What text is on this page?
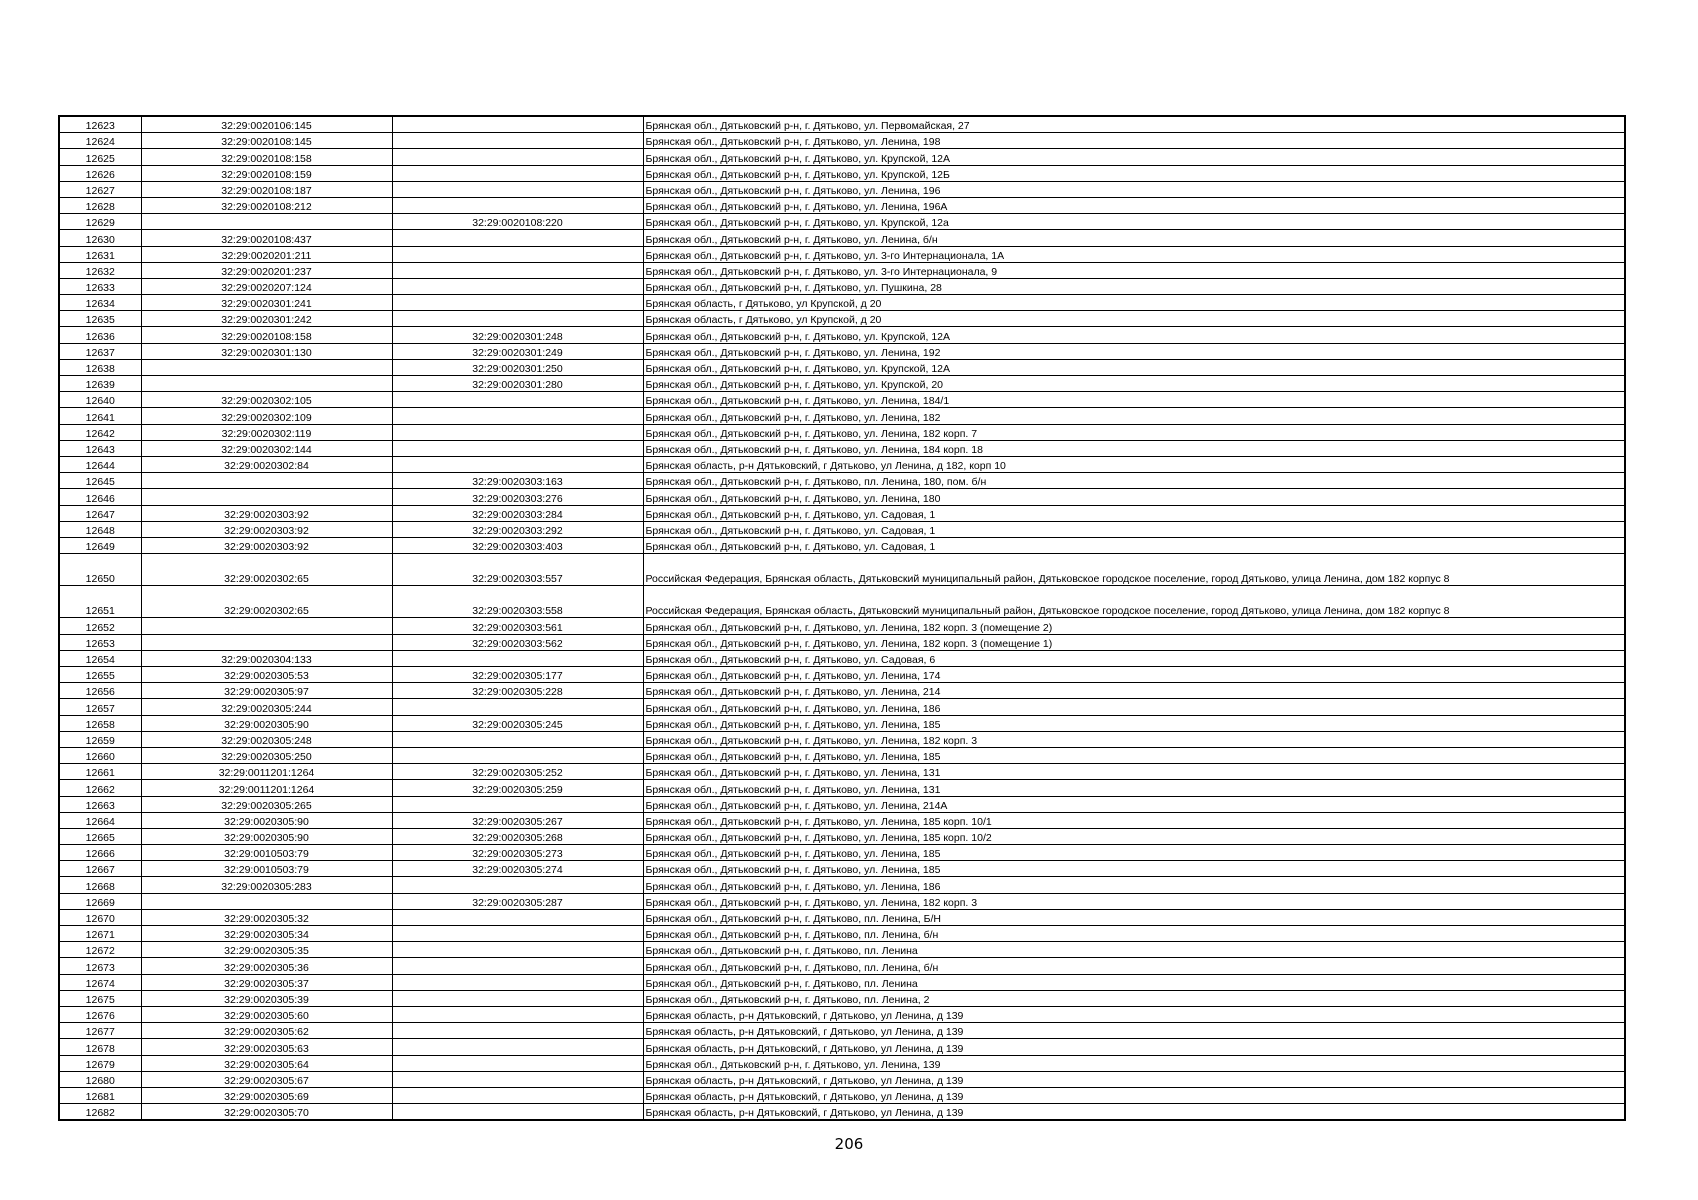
12623	32:29:0020106:145		Брянская обл., Дятьковский р-н, г. Дятьково, ул. Первомайская, 27
12624	32:29:0020108:145		Брянская обл., Дятьковский р-н, г. Дятьково, ул. Ленина, 198
12625	32:29:0020108:158		Брянская обл., Дятьковский р-н, г. Дятьково, ул. Крупской, 12А
12626	32:29:0020108:159		Брянская обл., Дятьковский р-н, г. Дятьково, ул. Крупской, 12Б
12627	32:29:0020108:187		Брянская обл., Дятьковский р-н, г. Дятьково, ул. Ленина, 196
12628	32:29:0020108:212		Брянская обл., Дятьковский р-н, г. Дятьково, ул. Ленина, 196А
12629		32:29:0020108:220	Брянская обл., Дятьковский р-н, г. Дятьково, ул. Крупской, 12а
12630	32:29:0020108:437		Брянская обл., Дятьковский р-н, г. Дятьково, ул. Ленина, б/н
12631	32:29:0020201:211		Брянская обл., Дятьковский р-н, г. Дятьково, ул. 3-го Интернационала, 1А
12632	32:29:0020201:237		Брянская обл., Дятьковский р-н, г. Дятьково, ул. 3-го Интернационала, 9
12633	32:29:0020207:124		Брянская обл., Дятьковский р-н, г. Дятьково, ул. Пушкина, 28
12634	32:29:0020301:241		Брянская область, г Дятьково, ул Крупской, д 20
12635	32:29:0020301:242		Брянская область, г Дятьково, ул Крупской, д 20
12636	32:29:0020108:158	32:29:0020301:248	Брянская обл., Дятьковский р-н, г. Дятьково, ул. Крупской, 12А
12637	32:29:0020301:130	32:29:0020301:249	Брянская обл., Дятьковский р-н, г. Дятьково, ул. Ленина, 192
12638		32:29:0020301:250	Брянская обл., Дятьковский р-н, г. Дятьково, ул. Крупской, 12А
12639		32:29:0020301:280	Брянская обл., Дятьковский р-н, г. Дятьково, ул. Крупской, 20
12640	32:29:0020302:105		Брянская обл., Дятьковский р-н, г. Дятьково, ул. Ленина, 184/1
12641	32:29:0020302:109		Брянская обл., Дятьковский р-н, г. Дятьково, ул. Ленина, 182
12642	32:29:0020302:119		Брянская обл., Дятьковский р-н, г. Дятьково, ул. Ленина, 182 корп. 7
12643	32:29:0020302:144		Брянская обл., Дятьковский р-н, г. Дятьково, ул. Ленина, 184 корп. 18
12644	32:29:0020302:84		Брянская область, р-н Дятьковский, г Дятьково, ул Ленина, д 182, корп 10
12645		32:29:0020303:163	Брянская обл., Дятьковский р-н, г. Дятьково, пл. Ленина, 180, пом. б/н
12646		32:29:0020303:276	Брянская обл., Дятьковский р-н, г. Дятьково, ул. Ленина, 180
12647	32:29:0020303:92	32:29:0020303:284	Брянская обл., Дятьковский р-н, г. Дятьково, ул. Садовая, 1
12648	32:29:0020303:92	32:29:0020303:292	Брянская обл., Дятьковский р-н, г. Дятьково, ул. Садовая, 1
12649	32:29:0020303:92	32:29:0020303:403	Брянская обл., Дятьковский р-н, г. Дятьково, ул. Садовая, 1
12650	32:29:0020302:65	32:29:0020303:557	Российская Федерация, Брянская область, Дятьковский муниципальный район, Дятьковское городское поселение, город Дятьково, улица Ленина, дом 182 корпус 8
12651	32:29:0020302:65	32:29:0020303:558	Российская Федерация, Брянская область, Дятьковский муниципальный район, Дятьковское городское поселение, город Дятьково, улица Ленина, дом 182 корпус 8
12652		32:29:0020303:561	Брянская обл., Дятьковский р-н, г. Дятьково, ул. Ленина, 182 корп. 3 (помещение 2)
12653		32:29:0020303:562	Брянская обл., Дятьковский р-н, г. Дятьково, ул. Ленина, 182 корп. 3 (помещение 1)
12654	32:29:0020304:133		Брянская обл., Дятьковский р-н, г. Дятьково, ул. Садовая, 6
12655	32:29:0020305:53	32:29:0020305:177	Брянская обл., Дятьковский р-н, г. Дятьково, ул. Ленина, 174
12656	32:29:0020305:97	32:29:0020305:228	Брянская обл., Дятьковский р-н, г. Дятьково, ул. Ленина, 214
12657	32:29:0020305:244		Брянская обл., Дятьковский р-н, г. Дятьково, ул. Ленина, 186
12658	32:29:0020305:90	32:29:0020305:245	Брянская обл., Дятьковский р-н, г. Дятьково, ул. Ленина, 185
12659	32:29:0020305:248		Брянская обл., Дятьковский р-н, г. Дятьково, ул. Ленина, 182 корп. 3
12660	32:29:0020305:250		Брянская обл., Дятьковский р-н, г. Дятьково, ул. Ленина, 185
12661	32:29:0011201:1264	32:29:0020305:252	Брянская обл., Дятьковский р-н, г. Дятьково, ул. Ленина, 131
12662	32:29:0011201:1264	32:29:0020305:259	Брянская обл., Дятьковский р-н, г. Дятьково, ул. Ленина, 131
12663	32:29:0020305:265		Брянская обл., Дятьковский р-н, г. Дятьково, ул. Ленина, 214А
12664	32:29:0020305:90	32:29:0020305:267	Брянская обл., Дятьковский р-н, г. Дятьково, ул. Ленина, 185 корп. 10/1
12665	32:29:0020305:90	32:29:0020305:268	Брянская обл., Дятьковский р-н, г. Дятьково, ул. Ленина, 185 корп. 10/2
12666	32:29:0010503:79	32:29:0020305:273	Брянская обл., Дятьковский р-н, г. Дятьково, ул. Ленина, 185
12667	32:29:0010503:79	32:29:0020305:274	Брянская обл., Дятьковский р-н, г. Дятьково, ул. Ленина, 185
12668	32:29:0020305:283		Брянская обл., Дятьковский р-н, г. Дятьково, ул. Ленина, 186
12669		32:29:0020305:287	Брянская обл., Дятьковский р-н, г. Дятьково, ул. Ленина, 182 корп. 3
12670	32:29:0020305:32		Брянская обл., Дятьковский р-н, г. Дятьково, пл. Ленина, Б/Н
12671	32:29:0020305:34		Брянская обл., Дятьковский р-н, г. Дятьково, пл. Ленина, б/н
12672	32:29:0020305:35		Брянская обл., Дятьковский р-н, г. Дятьково, пл. Ленина
12673	32:29:0020305:36		Брянская обл., Дятьковский р-н, г. Дятьково, пл. Ленина, б/н
12674	32:29:0020305:37		Брянская обл., Дятьковский р-н, г. Дятьково, пл. Ленина
12675	32:29:0020305:39		Брянская обл., Дятьковский р-н, г. Дятьково, пл. Ленина, 2
12676	32:29:0020305:60		Брянская область, р-н Дятьковский, г Дятьково, ул Ленина, д 139
12677	32:29:0020305:62		Брянская область, р-н Дятьковский, г Дятьково, ул Ленина, д 139
12678	32:29:0020305:63		Брянская область, р-н Дятьковский, г Дятьково, ул Ленина, д 139
12679	32:29:0020305:64		Брянская обл., Дятьковский р-н, г. Дятьково, ул. Ленина, 139
12680	32:29:0020305:67		Брянская область, р-н Дятьковский, г Дятьково, ул Ленина, д 139
12681	32:29:0020305:69		Брянская область, р-н Дятьковский, г Дятьково, ул Ленина, д 139
12682	32:29:0020305:70		Брянская область, р-н Дятьковский, г Дятьково, ул Ленина, д 139
206
